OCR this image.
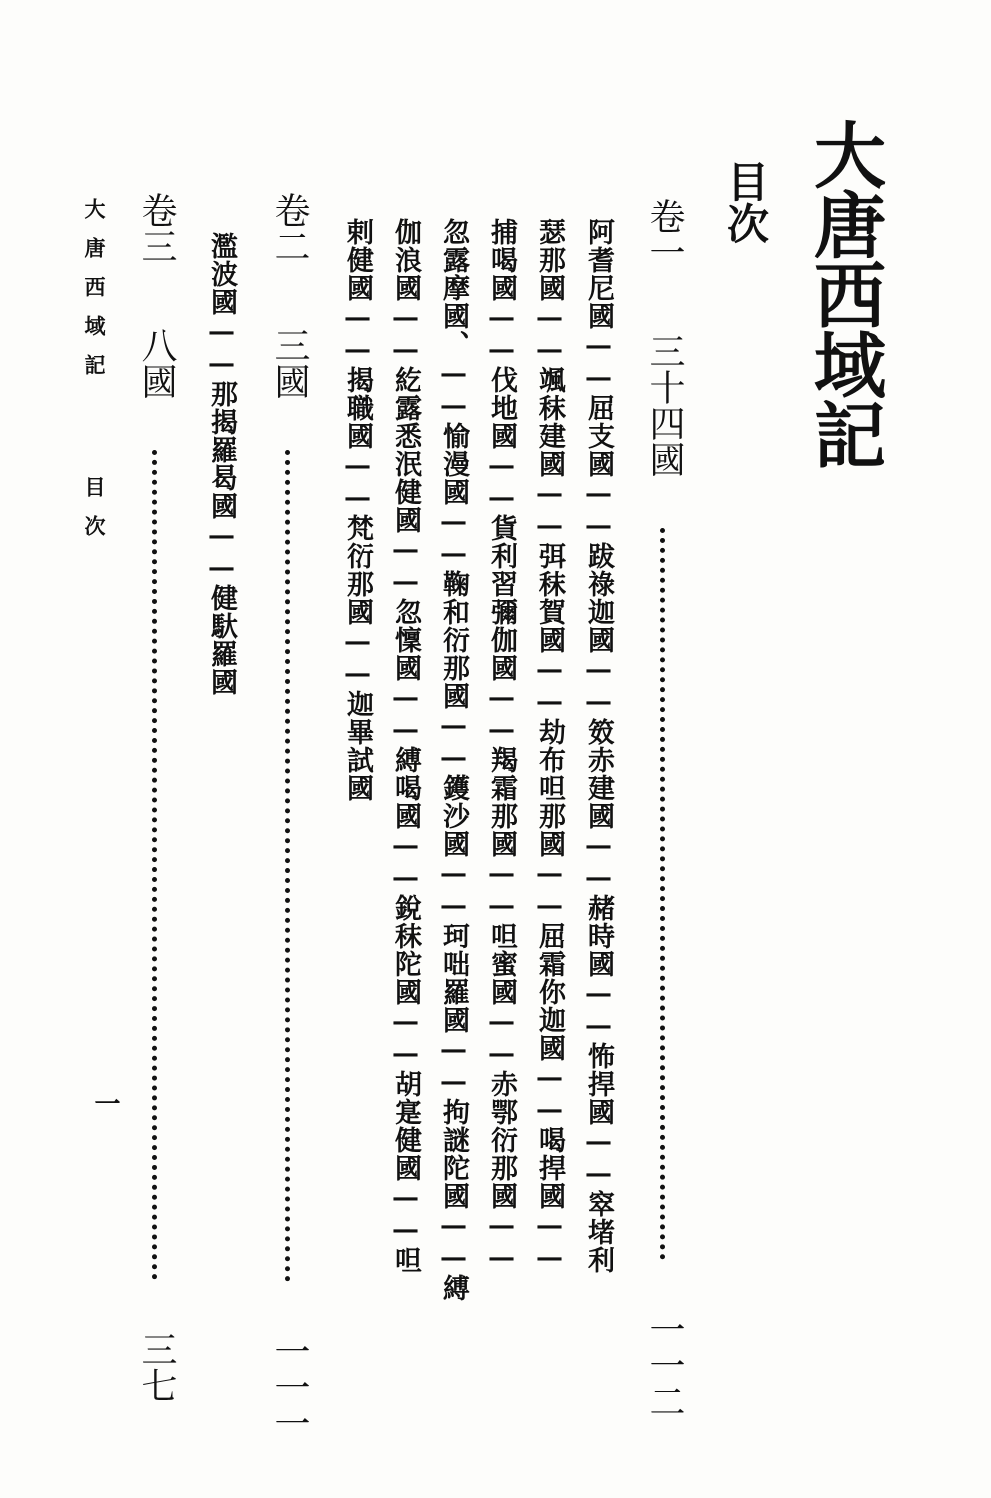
大唐西域記
目次
卷一 三十四國  一一二
阿耆尼國——屈支國——跋祿迦國——笯赤建國——赭時國——怖捍國——窣堵利
瑟那國——颯秣建國——弭秣賀國——劫布呾那國——屈霜你迦國——喝捍國——
捕喝國——伐地國——貨利習彌伽國——羯霜那國——呾蜜國——赤鄂衍那國——
忽露摩國、——愉漫國——鞠和衍那國——鑊沙國——珂咄羅國——拘謎陀國——縛
伽浪國——紇露悉泯健國——忽懍國——縛喝國——銳秣陀國——胡寔健國——呾
剌健國——揭職國——梵衍那國——迦畢試國
卷二 三國  一一一
濫波國——那揭羅曷國——健馱羅國
卷三 八國  三七
大唐西域記 目次
一
